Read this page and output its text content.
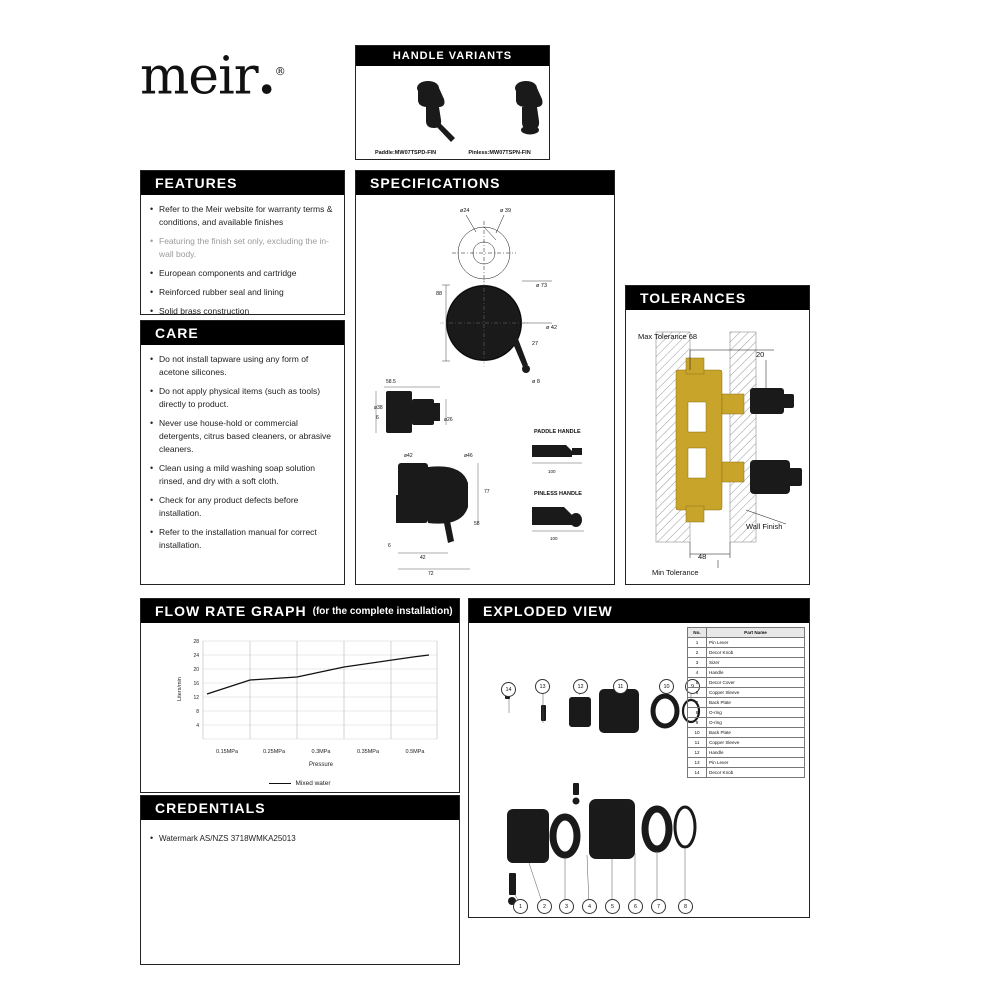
meir.®
HANDLE VARIANTS
Paddle:MW07TSPD-FIN	Pinless:MW07TSPN-FIN
FEATURES
• Refer to the Meir website for warranty terms & conditions, and available finishes
• Featuring the finish set only, excluding the in-wall body.
• European components and cartridge
• Reinforced rubber seal and lining
• Solid brass construction
CARE
• Do not install tapware using any form of acetone silicones.
• Do not apply physical items (such as tools) directly to product.
• Never use house-hold or commercial detergents, citrus based cleaners, or abrasive cleaners.
• Clean using a mild washing soap solution rinsed, and dry with a soft cloth.
• Check for any product defects before installation.
• Refer to the installation manual for correct installation.
SPECIFICATIONS
ø24	ø 39
88
ø 73
ø 42
27
ø 8
58.5
ø38
ø26
ø42	ø46
77
58
42
72
6
6
100
100
PADDLE HANDLE
PINLESS HANDLE
TOLERANCES
Max Tolerance 68
20
Wall Finish
48
Min Tolerance
FLOW RATE GRAPH (for the complete installation)
28
24
20
16
12
8
4
Liters/min
0.15MPa	0.25MPa	0.3MPa	0.35MPa	0.5MPa
Pressure
Mixed water
CREDENTIALS
• Watermark AS/NZS 3718WMKA25013
EXPLODED VIEW
13	12	11	10	9
14
1	2	3	4	5	6	7	8
No.	Part Name
1	Pin Lever
2	Decor Knob
3	Sizer
4	Handle
5	Decor Cover
6	Copper Sleeve
7	Back Plate
8	O-ring
9	O-ring
10	Back Plate
11	Copper Sleeve
12	Handle
13	Pin Lever
14	Decor Knob
